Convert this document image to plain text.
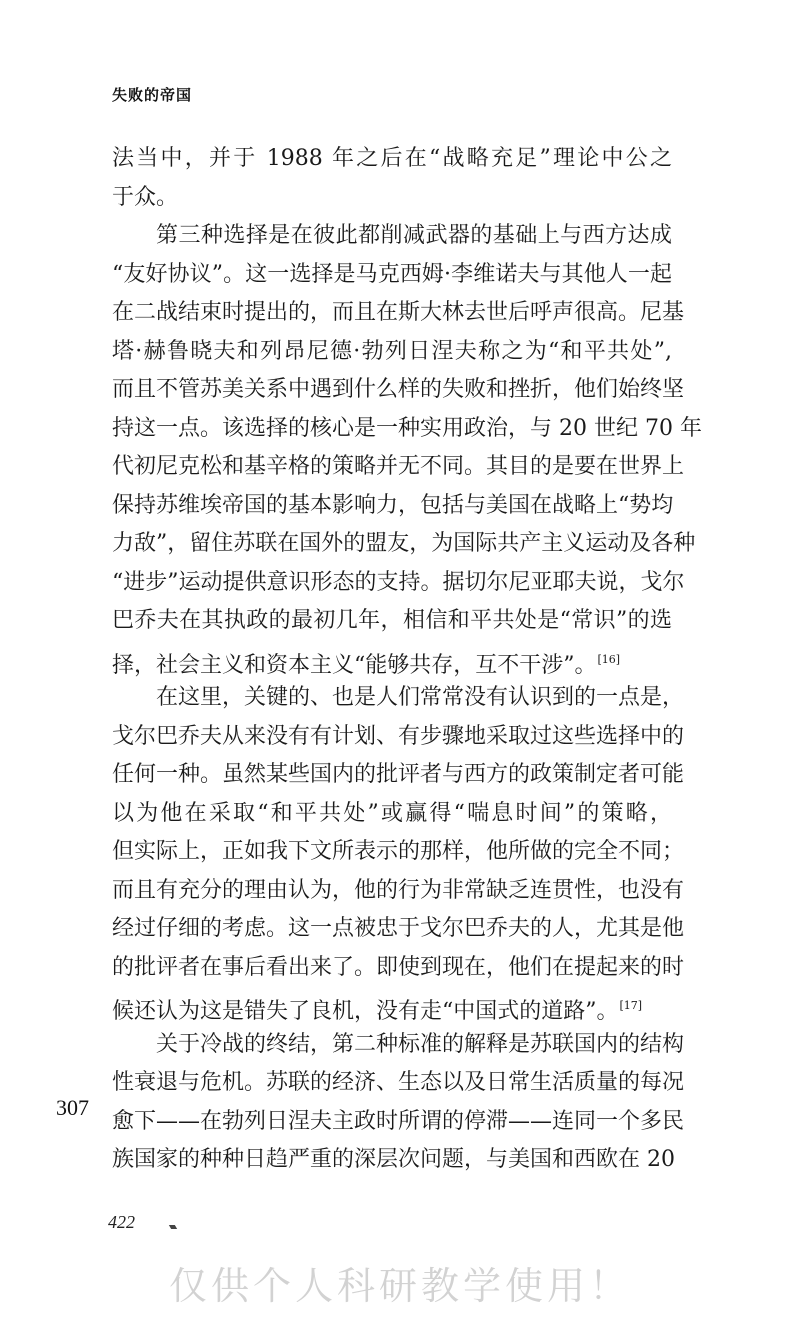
失败的帝国
法当中，并于 1988 年之后在“战略充足”理论中公之
于众。
第三种选择是在彼此都削减武器的基础上与西方达成
“友好协议”。这一选择是马克西姆·李维诺夫与其他人一起
在二战结束时提出的，而且在斯大林去世后呼声很高。尼基
塔·赫鲁晓夫和列昂尼德·勃列日涅夫称之为“和平共处”,
而且不管苏美关系中遇到什么样的失败和挫折，他们始终坚
持这一点。该选择的核心是一种实用政治，与 20 世纪 70 年
代初尼克松和基辛格的策略并无不同。其目的是要在世界上
保持苏维埃帝国的基本影响力，包括与美国在战略上“势均
力敌”，留住苏联在国外的盟友，为国际共产主义运动及各种
“进步”运动提供意识形态的支持。据切尔尼亚耶夫说，戈尔
巴乔夫在其执政的最初几年，相信和平共处是“常识”的选
择，社会主义和资本主义“能够共存，互不干涉”。[16]
在这里，关键的、也是人们常常没有认识到的一点是，
戈尔巴乔夫从来没有有计划、有步骤地采取过这些选择中的
任何一种。虽然某些国内的批评者与西方的政策制定者可能
以为他在采取“和平共处”或赢得“喘息时间”的策略，
但实际上，正如我下文所表示的那样，他所做的完全不同；
而且有充分的理由认为，他的行为非常缺乏连贯性，也没有
经过仔细的考虑。这一点被忠于戈尔巴乔夫的人，尤其是他
的批评者在事后看出来了。即使到现在，他们在提起来的时
候还认为这是错失了良机，没有走“中国式的道路”。[17]
关于冷战的终结，第二种标准的解释是苏联国内的结构
性衰退与危机。苏联的经济、生态以及日常生活质量的每况
愈下——在勃列日涅夫主政时所谓的停滞——连同一个多民
族国家的种种日趋严重的深层次问题，与美国和西欧在 20
307
422
仅供个人科研教学使用！
